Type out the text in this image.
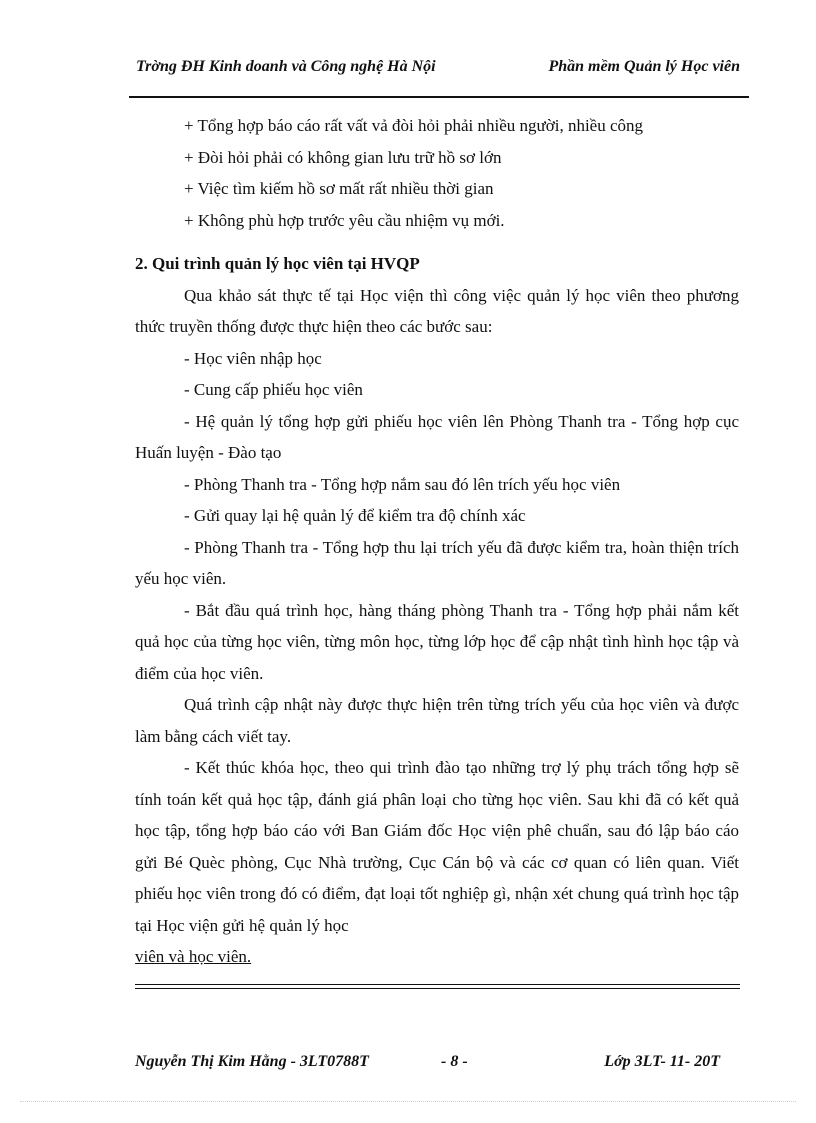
Trờng ĐH Kinh doanh và Công nghệ Hà Nội	Phần mềm Quản lý Học viên

+ Tổng hợp báo cáo rất vất vả đòi hỏi phải nhiều người, nhiều công

+ Đòi hỏi phải có không gian lưu trữ hồ sơ lớn

+ Việc tìm kiếm hồ sơ mất rất nhiều thời gian

+ Không phù hợp trước yêu cầu nhiệm vụ mới.

2. Qui trình quản lý học viên tại HVQP

Qua khảo sát thực tế tại Học viện thì công việc quản lý học viên theo phương thức truyền thống được thực hiện theo các bước sau:

- Học viên nhập học

- Cung cấp phiếu học viên

- Hệ quản lý tổng hợp gửi phiếu học viên lên Phòng Thanh tra - Tổng hợp cục Huấn luyện - Đào tạo

- Phòng Thanh tra - Tổng hợp nắm sau đó lên trích yếu học viên

- Gửi quay lại hệ quản lý để kiểm tra độ chính xác

- Phòng Thanh tra - Tổng hợp thu lại trích yếu đã được kiểm tra, hoàn thiện trích yếu học viên.

- Bắt đầu quá trình học, hàng tháng phòng Thanh tra - Tổng hợp phải nắm kết quả học của từng học viên, từng môn học, từng lớp học để cập nhật tình hình học tập và điểm của học viên.

Quá trình cập nhật này được thực hiện trên từng trích yếu của học viên và được làm bằng cách viết tay.

- Kết thúc khóa học, theo qui trình đào tạo những trợ lý phụ trách tổng hợp sẽ tính toán kết quả học tập, đánh giá phân loại cho từng học viên. Sau khi đã có kết quả học tập, tổng hợp báo cáo với Ban Giám đốc Học viện phê chuẩn, sau đó lập báo cáo gửi Bé Quèc phòng, Cục Nhà trường, Cục Cán bộ và các cơ quan có liên quan. Viết phiếu học viên trong đó có điểm, đạt loại tốt nghiệp gì, nhận xét chung quá trình học tập tại Học viện gửi hệ quản lý học

viên và học viên.

Nguyễn Thị Kim Hằng - 3LT0788T	- 8 -	Lớp 3LT- 11- 20T
